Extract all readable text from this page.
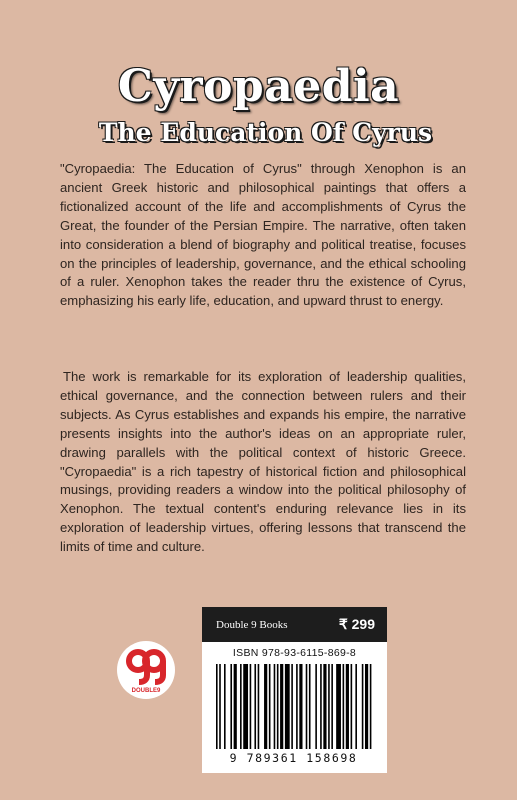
Cyropaedia
The Education Of Cyrus

"Cyropaedia: The Education of Cyrus" through Xenophon is an ancient Greek historic and philosophical paintings that offers a fictionalized account of the life and accomplishments of Cyrus the Great, the founder of the Persian Empire. The narrative, often taken into consideration a blend of biography and political treatise, focuses on the principles of leadership, governance, and the ethical schooling of a ruler. Xenophon takes the reader thru the existence of Cyrus, emphasizing his early life, education, and upward thrust to energy.

The work is remarkable for its exploration of leadership qualities, ethical governance, and the connection between rulers and their subjects. As Cyrus establishes and expands his empire, the narrative presents insights into the author's ideas on an appropriate ruler, drawing parallels with the political context of historic Greece. "Cyropaedia" is a rich tapestry of historical fiction and philosophical musings, providing readers a window into the political philosophy of Xenophon. The textual content's enduring relevance lies in its exploration of leadership virtues, offering lessons that transcend the limits of time and culture.

DOUBLE9
Double 9 Books	₹ 299
ISBN 978-93-6115-869-8
9 789361 158698
